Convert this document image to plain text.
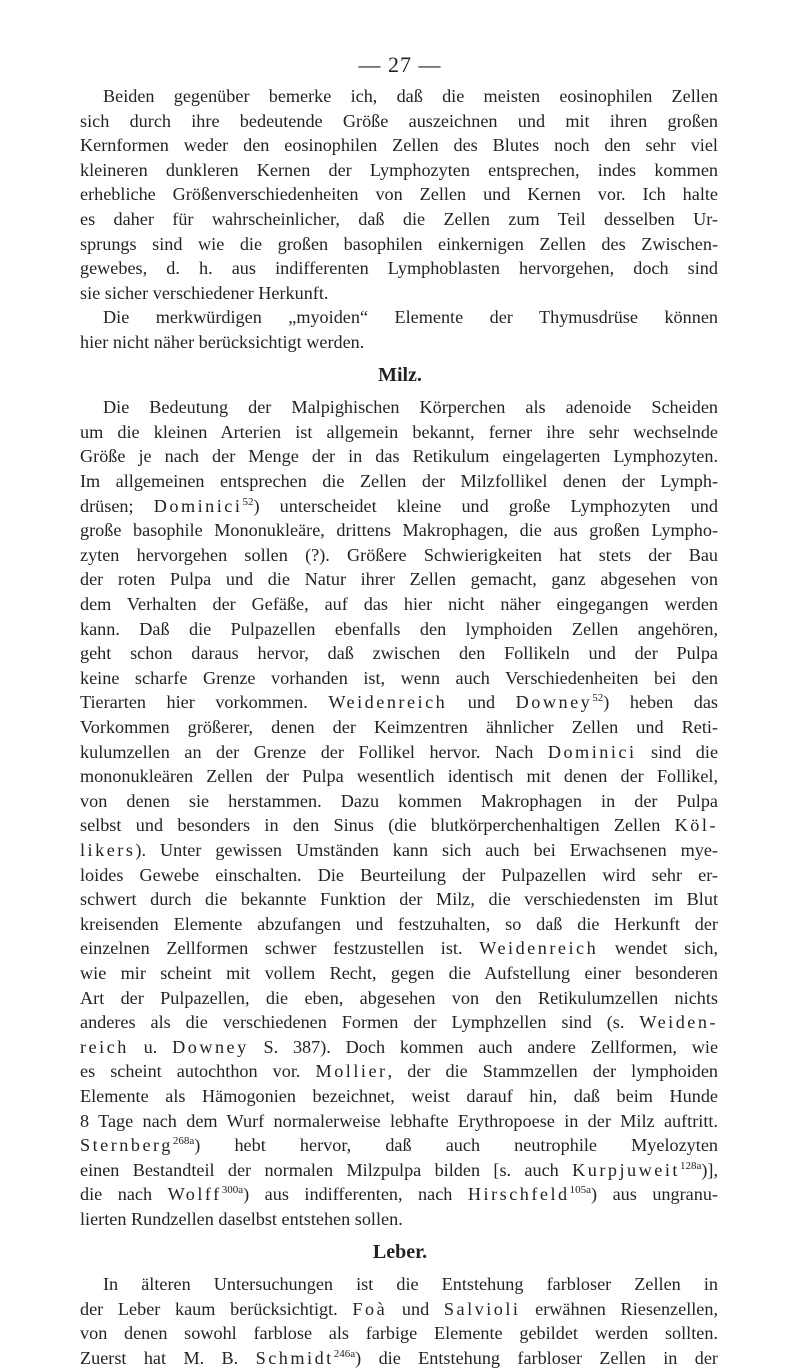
— 27 —
Beiden gegenüber bemerke ich, daß die meisten eosinophilen Zellen
sich durch ihre bedeutende Größe auszeichnen und mit ihren großen
Kernformen weder den eosinophilen Zellen des Blutes noch den sehr viel
kleineren dunkleren Kernen der Lymphozyten entsprechen, indes kommen
erhebliche Größenverschiedenheiten von Zellen und Kernen vor. Ich halte
es daher für wahrscheinlicher, daß die Zellen zum Teil desselben Ur-
sprungs sind wie die großen basophilen einkernigen Zellen des Zwischen-
gewebes, d. h. aus indifferenten Lymphoblasten hervorgehen, doch sind
sie sicher verschiedener Herkunft.
Die merkwürdigen „myoiden“ Elemente der Thymusdrüse können
hier nicht näher berücksichtigt werden.
Milz.
Die Bedeutung der Malpighischen Körperchen als adenoide Scheiden
um die kleinen Arterien ist allgemein bekannt, ferner ihre sehr wechselnde
Größe je nach der Menge der in das Retikulum eingelagerten Lymphozyten.
Im allgemeinen entsprechen die Zellen der Milzfollikel denen der Lymph-
drüsen; Dominici$^{52}$) unterscheidet kleine und große Lymphozyten und
große basophile Mononukleäre, drittens Makrophagen, die aus großen Lympho-
zyten hervorgehen sollen (?). Größere Schwierigkeiten hat stets der Bau
der roten Pulpa und die Natur ihrer Zellen gemacht, ganz abgesehen von
dem Verhalten der Gefäße, auf das hier nicht näher eingegangen werden
kann. Daß die Pulpazellen ebenfalls den lymphoiden Zellen angehören,
geht schon daraus hervor, daß zwischen den Follikeln und der Pulpa
keine scharfe Grenze vorhanden ist, wenn auch Verschiedenheiten bei den
Tierarten hier vorkommen. Weidenreich und Downey$^{52}$) heben das
Vorkommen größerer, denen der Keimzentren ähnlicher Zellen und Reti-
kulumzellen an der Grenze der Follikel hervor. Nach Dominici sind die
mononukleären Zellen der Pulpa wesentlich identisch mit denen der Follikel,
von denen sie herstammen. Dazu kommen Makrophagen in der Pulpa
selbst und besonders in den Sinus (die blutkörperchenhaltigen Zellen Köl-
likers). Unter gewissen Umständen kann sich auch bei Erwachsenen mye-
loides Gewebe einschalten. Die Beurteilung der Pulpazellen wird sehr er-
schwert durch die bekannte Funktion der Milz, die verschiedensten im Blut
kreisenden Elemente abzufangen und festzuhalten, so daß die Herkunft der
einzelnen Zellformen schwer festzustellen ist. Weidenreich wendet sich,
wie mir scheint mit vollem Recht, gegen die Aufstellung einer besonderen
Art der Pulpazellen, die eben, abgesehen von den Retikulumzellen nichts
anderes als die verschiedenen Formen der Lymphzellen sind (s. Weiden-
reich u. Downey S. 387). Doch kommen auch andere Zellformen, wie
es scheint autochthon vor. Mollier, der die Stammzellen der lymphoiden
Elemente als Hämogonien bezeichnet, weist darauf hin, daß beim Hunde
8 Tage nach dem Wurf normalerweise lebhafte Erythropoese in der Milz auftritt.
Sternberg$^{268a}$) hebt hervor, daß auch neutrophile Myelozyten
einen Bestandteil der normalen Milzpulpa bilden [s. auch Kurpjuweit$^{128a}$)],
die nach Wolff$^{300a}$) aus indifferenten, nach Hirschfeld$^{105a}$) aus ungranu-
lierten Rundzellen daselbst entstehen sollen.
Leber.
In älteren Untersuchungen ist die Entstehung farbloser Zellen in
der Leber kaum berücksichtigt. Foà und Salvioli erwähnen Riesenzellen,
von denen sowohl farblose als farbige Elemente gebildet werden sollten.
Zuerst hat M. B. Schmidt$^{246a}$) die Entstehung farbloser Zellen in der
